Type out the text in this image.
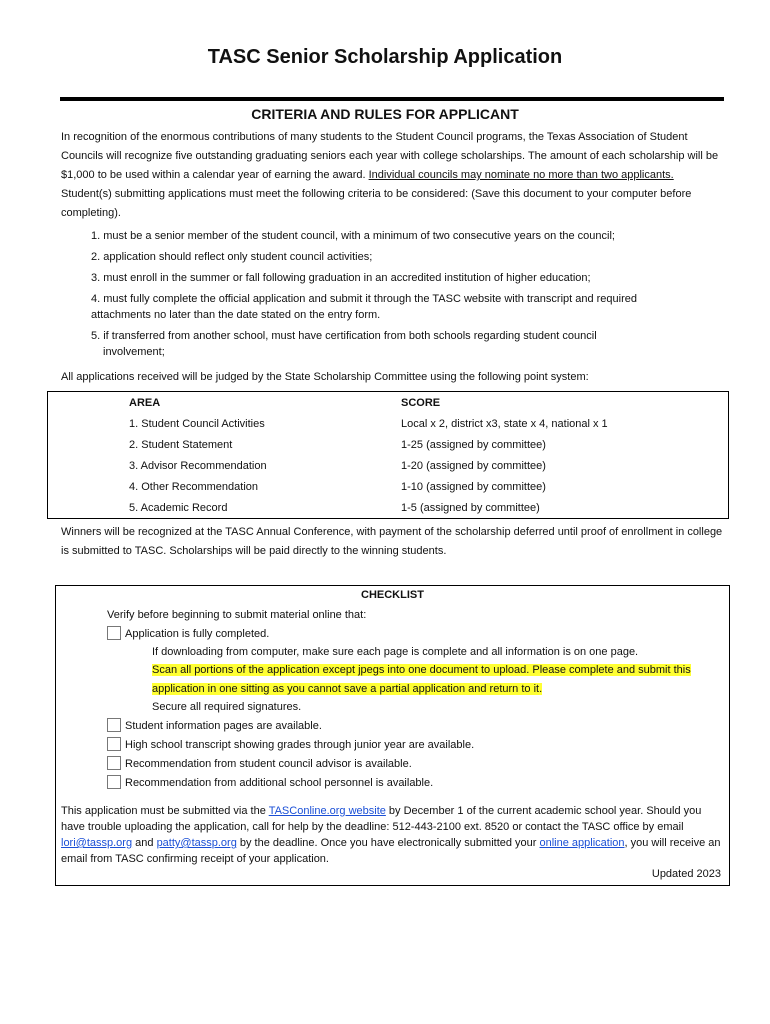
TASC Senior Scholarship Application
CRITERIA AND RULES FOR APPLICANT
In recognition of the enormous contributions of many students to the Student Council programs, the Texas Association of Student Councils will recognize five outstanding graduating seniors each year with college scholarships. The amount of each scholarship will be $1,000 to be used within a calendar year of earning the award. Individual councils may nominate no more than two applicants. Student(s) submitting applications must meet the following criteria to be considered: (Save this document to your computer before completing).
1. must be a senior member of the student council, with a minimum of two consecutive years on the council;
2. application should reflect only student council activities;
3. must enroll in the summer or fall following graduation in an accredited institution of higher education;
4. must fully complete the official application and submit it through the TASC website with transcript and required attachments no later than the date stated on the entry form.
5. if transferred from another school, must have certification from both schools regarding student council
involvement;
All applications received will be judged by the State Scholarship Committee using the following point system:
AREA	SCORE
1. Student Council Activities	Local x 2, district x3, state x 4, national x 1
2. Student Statement	1-25 (assigned by committee)
3. Advisor Recommendation	1-20 (assigned by committee)
4. Other Recommendation	1-10 (assigned by committee)
5. Academic Record	1-5 (assigned by committee)
Winners will be recognized at the TASC Annual Conference, with payment of the scholarship deferred until proof of enrollment in college is submitted to TASC. Scholarships will be paid directly to the winning students.
CHECKLIST
Verify before beginning to submit material online that:
Application is fully completed.
If downloading from computer, make sure each page is complete and all information is on one page.
Scan all portions of the application except jpegs into one document to upload. Please complete and submit this
application in one sitting as you cannot save a partial application and return to it.
Secure all required signatures.
Student information pages are available.
High school transcript showing grades through junior year are available.
Recommendation from student council advisor is available.
Recommendation from additional school personnel is available.
This application must be submitted via the TASConline.org website by December 1 of the current academic school year. Should you have trouble uploading the application, call for help by the deadline: 512-443-2100 ext. 8520 or contact the TASC office by email lori@tassp.org and patty@tassp.org by the deadline. Once you have electronically submitted your online application, you will receive an email from TASC confirming receipt of your application.
Updated 2023
